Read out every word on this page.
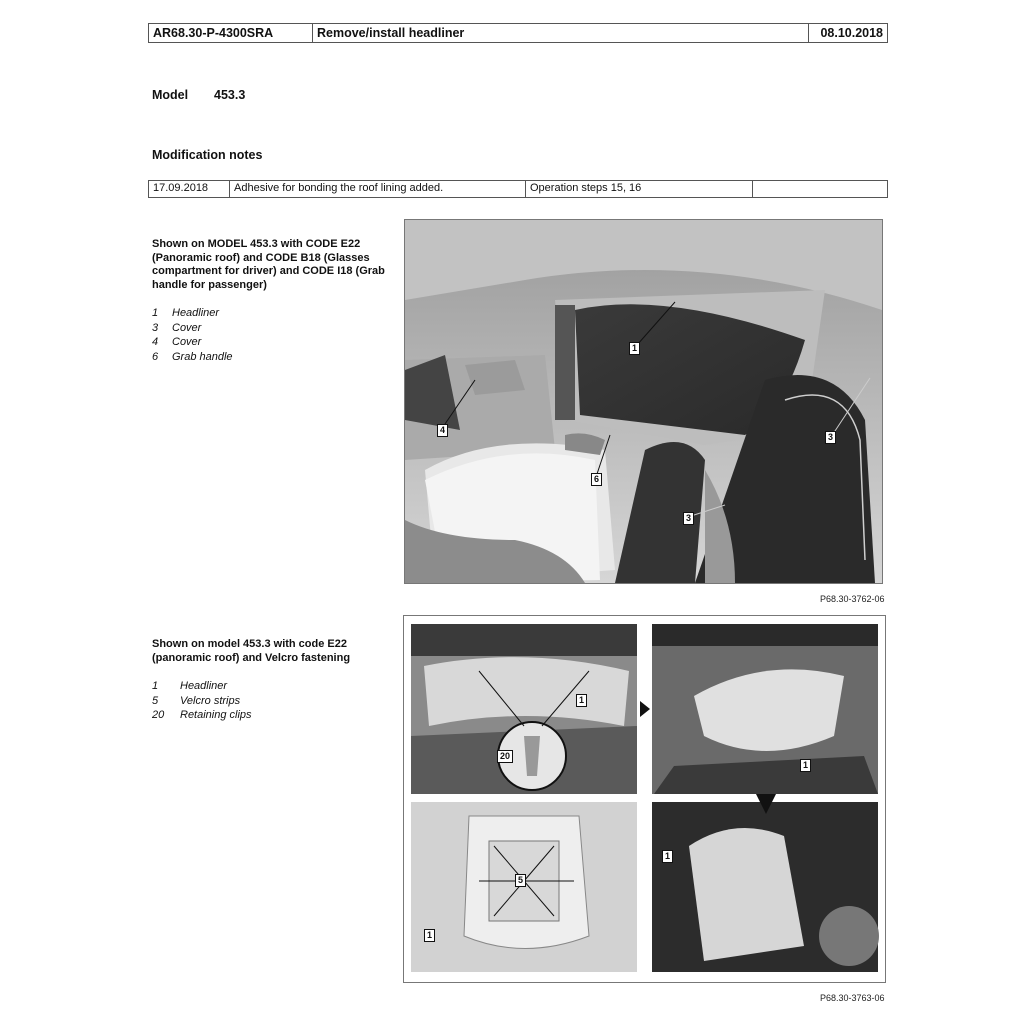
AR68.30-P-4300SRA	Remove/install headliner	08.10.2018
Model 453.3
Modification notes
17.09.2018	Adhesive for bonding the roof lining added.	Operation steps 15, 16
Shown on MODEL 453.3 with CODE E22 (Panoramic roof) and CODE B18 (Glasses compartment for driver) and CODE I18 (Grab handle for passenger)
1	Headliner
3	Cover
4	Cover
6	Grab handle
1
4
6
3
3
P68.30-3762-06
Shown on model 453.3 with code E22 (panoramic roof) and Velcro fastening
1	Headliner
5	Velcro strips
20	Retaining clips
20
1
1
5
1
1
P68.30-3763-06
